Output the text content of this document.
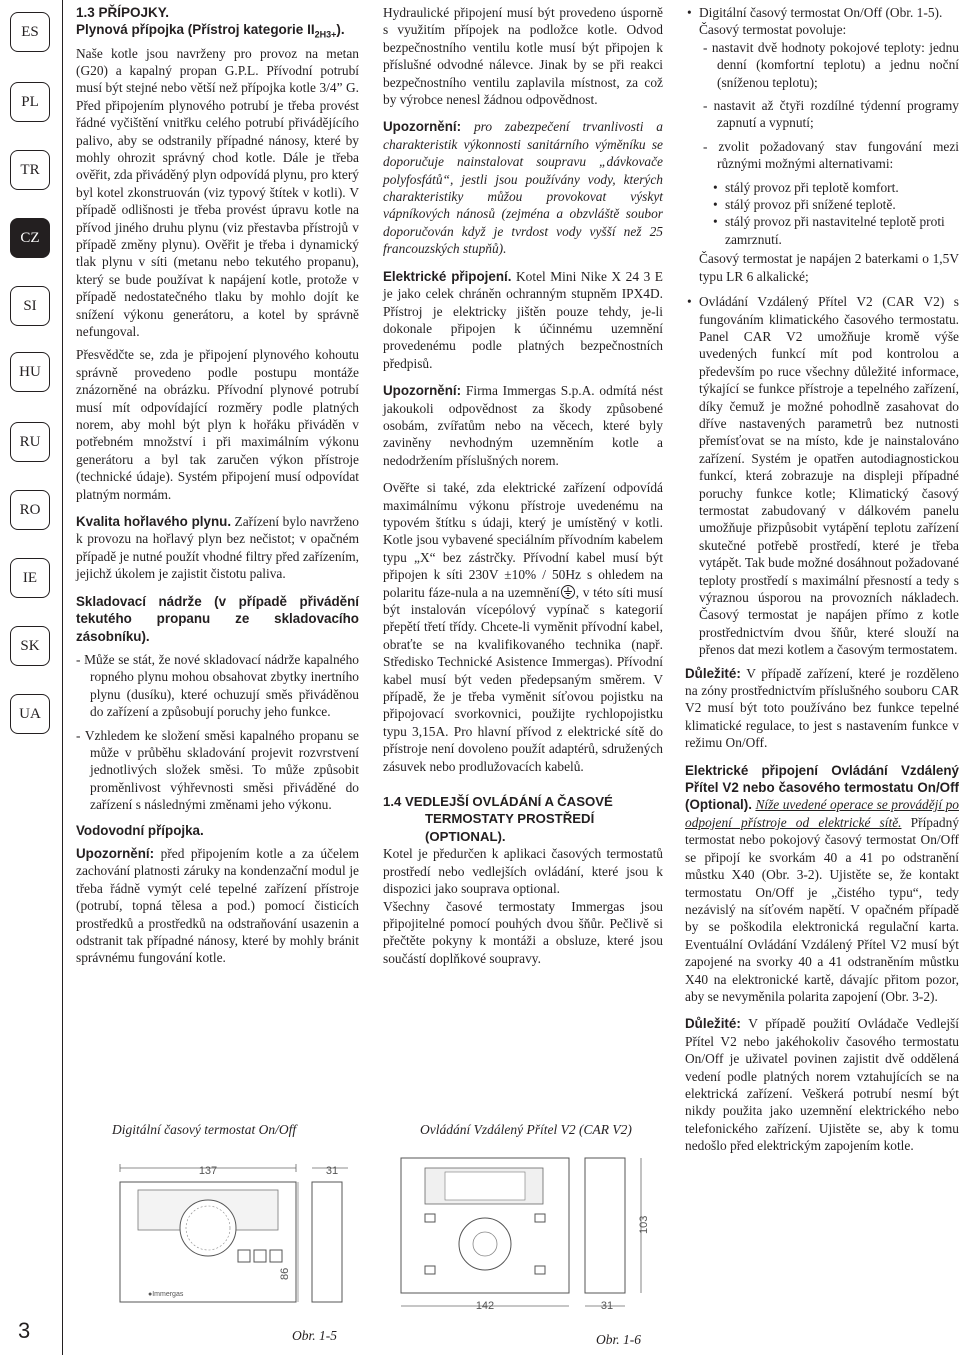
ES
PL
TR
CZ
SI
HU
RU
RO
IE
SK
UA
3
1.3 PŘÍPOJKY.
Plynová přípojka (Přístroj kategorie $II_{2H3+}$).

Naše kotle jsou navrženy pro provoz na metan (G20) a kapalný propan G.P.L. Přívodní potrubí musí být stejné nebo větší než přípojka kotle 3/4” G. Před připojením plynového potrubí je třeba provést řádné vyčištění vnitřku celého potrubí přivádějícího palivo, aby se odstranily případné nánosy, které by mohly ohrozit správný chod kotle. Dále je třeba ověřit, zda přiváděný plyn odpovídá plynu, pro který byl kotel zkonstruován (viz typový štítek v kotli). V případě odlišnosti je třeba provést úpravu kotle na přívod jiného druhu plynu (viz přestavba přístrojů v případě změny plynu). Ověřit je třeba i dynamický tlak plynu v síti (metanu nebo tekutého propanu), který se bude používat k napájení kotle, protože v případě nedostatečného tlaku by mohlo dojít ke snížení výkonu generátoru, a kotel by správně nefungoval.

Přesvědčte se, zda je připojení plynového kohoutu správně provedeno podle postupu montáže znázorněné na obrázku. Přívodní plynové potrubí musí mít odpovídající rozměry podle platných norem, aby mohl být plyn k hořáku přiváděn v potřebném množství i při maximálním výkonu generátoru a byl tak zaručen výkon přístroje (technické údaje). Systém připojení musí odpovídat platným normám.

Kvalita hořlavého plynu. Zařízení bylo navrženo k provozu na hořlavý plyn bez nečistot; v opačném případě je nutné použít vhodné filtry před zařízením, jejichž úkolem je zajistit čistotu paliva.

Skladovací nádrže (v případě přivádění tekutého propanu ze skladovacího zásobníku).

- Může se stát, že nové skladovací nádrže kapalného ropného plynu mohou obsahovat zbytky inertního plynu (dusíku), které ochuzují směs přiváděnou do zařízení a způsobují poruchy jeho funkce.

- Vzhledem ke složení směsi kapalného propanu se může v průběhu skladování projevit rozvrstvení jednotlivých složek směsi. To může způsobit proměnlivost výhřevnosti směsi přiváděné do zařízení s následnými změnami jeho výkonu.

Vodovodní přípojka.

Upozornění: před připojením kotle a za účelem zachování platnosti záruky na kondenzační modul je třeba řádně vymýt celé tepelné zařízení přístroje (potrubí, topná tělesa a pod.) pomocí čisticích prostředků a prostředků na odstraňování usazenin a odstranit tak případné nánosy, které by mohly bránit správnému fungování kotle.

Hydraulické připojení musí být provedeno úsporně s využitím přípojek na podložce kotle. Odvod bezpečnostního ventilu kotle musí být připojen k příslušné odvodné nálevce. Jinak by se při reakci bezpečnostního ventilu zaplavila místnost, za což by výrobce nenesl žádnou odpovědnost.

Upozornění: pro zabezpečení trvanlivosti a charakteristik výkonnosti sanitárního výměníku se doporučuje nainstalovat soupravu „dávkovače polyfosfátů“, jestli jsou používány vody, kterých charakteristiky můžou provokovat výskyt vápníkových nánosů (zejména a obzvláště soubor doporučován když je tvrdost vody vyšší než 25 francouzských stupňů).

Elektrické připojení. Kotel Mini Nike X 24 3 E je jako celek chráněn ochranným stupněm IPX4D. Přístroj je elektricky jištěn pouze tehdy, je-li dokonale připojen k účinnému uzemnění provedenému podle platných bezpečnostních předpisů.

Upozornění: Firma Immergas S.p.A. odmítá nést jakoukoli odpovědnost za škody způsobené osobám, zvířatům nebo na věcech, které byly zaviněny nevhodným uzemněním kotle a nedodržením příslušných norem.

Ověřte si také, zda elektrické zařízení odpovídá maximálnímu výkonu přístroje uvedenému na typovém štítku s údaji, který je umístěný v kotli. Kotle jsou vybavené speciálním přívodním kabelem typu „X“ bez zástrčky. Přívodní kabel musí být připojen k síti 230V ±10% / 50Hz s ohledem na polaritu fáze-nula a na uzemnění , v této síti musí být instalován vícepólový vypínač s kategorií přepětí třetí třídy. Chcete-li vyměnit přívodní kabel, obraťte se na kvalifikovaného technika (např. Středisko Technické Asistence Immergas). Přívodní kabel musí být veden předepsaným směrem. V případě, že je třeba vyměnit síťovou pojistku na připojovací svorkovnici, použijte rychlopojistku typu 3,15A. Pro hlavní přívod z elektrické sítě do přístroje není dovoleno použít adaptérů, sdružených zásuvek nebo prodlužovacích kabelů.

1.4 VEDLEJŠÍ OVLÁDÁNÍ A ČASOVÉ
TERMOSTATY PROSTŘEDÍ
(OPTIONAL).

Kotel je předurčen k aplikaci časových termostatů prostředí nebo vedlejších ovládání, které jsou k dispozici jako souprava optional.

Všechny časové termostaty Immergas jsou připojitelné pomocí pouhých dvou šňůr. Pečlivě si přečtěte pokyny k montáži a obsluze, které jsou součástí doplňkové soupravy.

• Digitální časový termostat On/Off (Obr. 1-5). Časový termostat povoluje:

- nastavit dvě hodnoty pokojové teploty: jednu denní (komfortní teplotu) a jednu noční (sníženou teplotu);

- nastavit až čtyři rozdílné týdenní programy zapnutí a vypnutí;

- zvolit požadovaný stav fungování mezi různými možnými alternativami:

• stálý provoz při teplotě komfort.
• stálý provoz při snížené teplotě.
• stálý provoz při nastavitelné teplotě proti zamrznutí.

Časový termostat je napájen 2 baterkami o 1,5V typu LR 6 alkalické;

• Ovládání Vzdálený Přítel V2 (CAR V2) s fungováním klimatického časového termostatu. Panel CAR V2 umožňuje kromě výše uvedených funkcí mít pod kontrolou a především po ruce všechny důležité informace, týkající se funkce přístroje a tepelného zařízení, díky čemuž je možné pohodlně zasahovat do dříve nastavených parametrů bez nutnosti přemísťovat se na místo, kde je nainstalováno zařízení. Systém je opatřen autodiagnostickou funkcí, která zobrazuje na displeji případné poruchy funkce kotle; Klimatický časový termostat zabudovaný v dálkovém panelu umožňuje přizpůsobit vytápění teplotu zařízení skutečné potřebě prostředí, které je třeba vytápět. Tak bude možné dosáhnout požadované teploty prostředí s maximální přesností a tedy s výraznou úsporou na provozních nákladech. Časový termostat je napájen přímo z kotle prostřednictvím dvou šňůr, které slouží na přenos dat mezi kotlem a časovým termostatem.

Důležité: V případě zařízení, které je rozděleno na zóny prostřednictvím příslušného souboru CAR V2 musí být toto používáno bez funkce tepelné klimatické regulace, to jest s nastavením funkce v režimu On/Off.

Elektrické připojení Ovládání Vzdálený Přítel V2 nebo časového termostatu On/Off (Optional). Níže uvedené operace se provádějí po odpojení přístroje od elektrické sítě. Případný termostat nebo pokojový časový termostat On/Off se připojí ke svorkám 40 a 41 po odstranění můstku X40 (Obr. 3-2). Ujistěte se, že kontakt termostatu On/Off je „čistého typu“, tedy nezávislý na síťovém napětí. V opačném případě by se poškodila elektronická regulační karta. Eventuální Ovládání Vzdálený Přítel V2 musí být zapojené na svorky 40 a 41 odstraněním můstku X40 na elektronické kartě, dávajíc přitom pozor, aby se nevyměnila polarita zapojení (Obr. 3-2).

Důležité: V případě použití Ovládače Vedlejší Přítel V2 nebo jakéhokoliv časového termostatu On/Off je uživatel povinen zajistit dvě oddělená vedení podle platných norem vztahujících se na elektrická zařízení. Veškerá potrubí nesmí být nikdy použita jako uzemnění elektrického nebo telefonického zařízení. Ujistěte se, aby k tomu nedošlo před elektrickým zapojením kotle.

Digitální časový termostat On/Off
137	31
●Immergas
86
Obr. 1-5
Ovládání Vzdálený Přítel V2 (CAR V2)
103
142	31
Obr. 1-6
